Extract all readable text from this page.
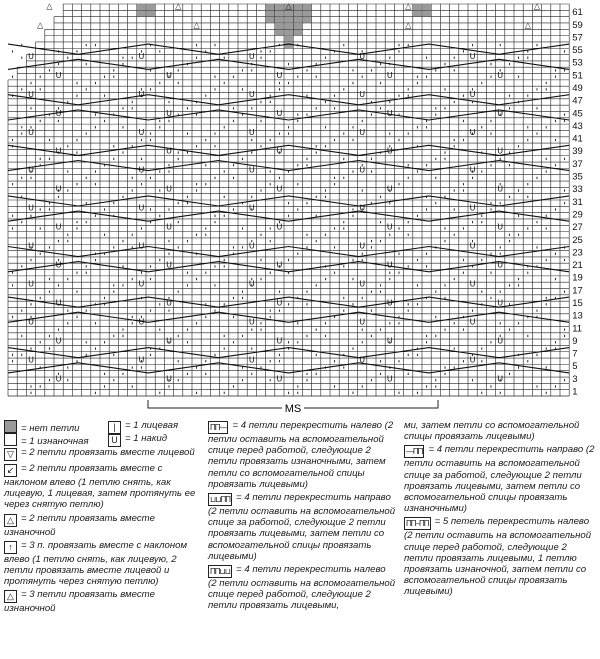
U	U	U	U	U
U	U	U	U	U
U	U	U	U	U
U	U	U	U	U
U	U	U	U	U
U	U	U	U	U
U	U	U	U	U
U	U	U	U	U
U	U	U	U	U
U	U	U	U	U
U	U	U	U	U
U	U	U	U	U
U	U	U	U	U
U	U	U	U	U
U	U	U	U	U
U	U	U	U	U
U	U	U	U	U
U	U	U	U	U
△	△	△	△	△
△	△	△	△
61
59
57
55
53
51
49
47
45
43
41
39
37
35
33
31
29
27
25
23
21
19
17
15
13
11
9
7
5
3
1
MS
= нет петли	| = 1 лицевая
= 1 изнаночная	U = 1 накид
▽ = 2 петли провязать вместе лицевой
↙ = 2 петли провязать вместе с наклоном влево (1 петлю снять, как лицевую, 1 лицевая, затем протянуть ее через снятую петлю)
△ = 2 петли провязать вместе изнаночной
↑ = 3 п. провязать вместе с наклоном влево (1 петлю снять, как лицевую, 2 петли провязать вместе лицевой и протянуть через снятую петлю)
△ = 3 петли провязать вместе изнаночной
ΠΠ‒‒ = 4 петли перекрестить налево (2 петли оставить на вспомогательной спице перед работой, следующие 2 петли провязать изнаночными, затем петли со вспомогательной спицы провязать лицевыми)
⊔⊔ΠΠ = 4 петли перекрестить направо (2 петли оставить на вспомогательной спице за работой, следующие 2 петли провязать лицевыми, затем петли со вспомогательной спицы провязать лицевыми)
ΠΠ⊔⊔ = 4 петли перекрестить налево (2 петли оставить на вспомогательной спице перед работой, следующие 2 петли провязать лицевыми,
ми, затем петли со вспомогательной спицы провязать лицевыми)
‒‒ΠΠ = 4 петли перекрестить направо (2 петли оставить на вспомогательной спице за работой, следующие 2 петли провязать лицевыми, затем петли со вспомогательной спицы провязать изнаночными)
ΠΠ‒ΠΠ = 5 петель перекрестить налево (2 петли оставить на вспомогательной спице перед работой, следующие 2 петли провязать лицевыми, 1 петлю провязать изнаночной, затем петли со вспомогательной спицы провязать лицевыми)
